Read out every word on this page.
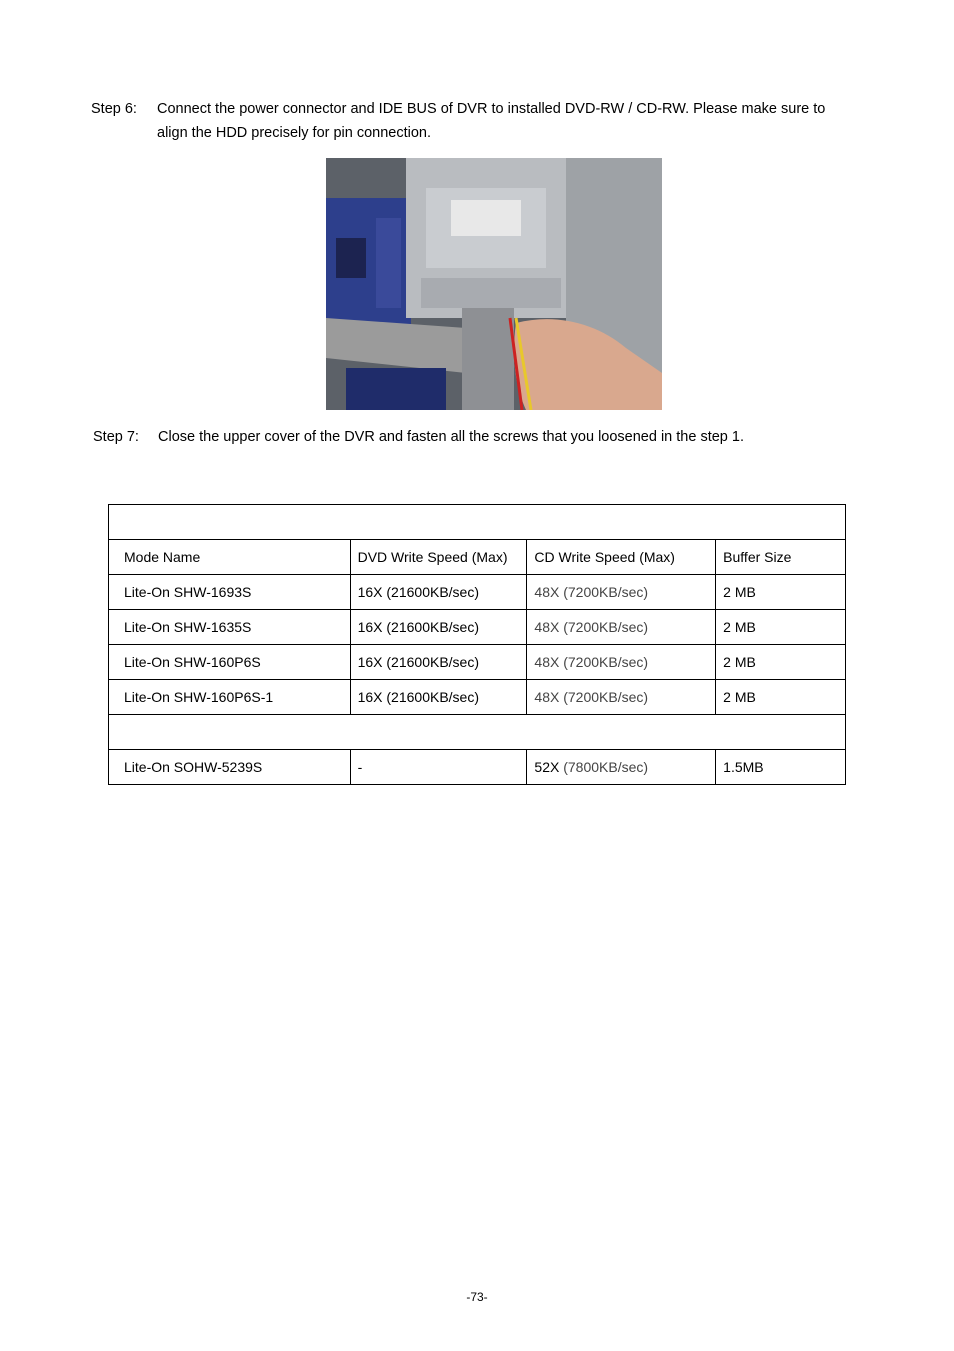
Step 6: Connect the power connector and IDE BUS of DVR to installed DVD-RW / CD-RW. Please make sure to
align the HDD precisely for pin connection.
Step 7: Close the upper cover of the DVR and fasten all the screws that you loosened in the step 1.

Mode Name	DVD Write Speed (Max)	CD Write Speed (Max)	Buffer Size
Lite-On SHW-1693S	16X (21600KB/sec)	48X (7200KB/sec)	2 MB
Lite-On SHW-1635S	16X (21600KB/sec)	48X (7200KB/sec)	2 MB
Lite-On SHW-160P6S	16X (21600KB/sec)	48X (7200KB/sec)	2 MB
Lite-On SHW-160P6S-1	16X (21600KB/sec)	48X (7200KB/sec)	2 MB

Lite-On SOHW-5239S	-	52X (7800KB/sec)	1.5MB
-73-
